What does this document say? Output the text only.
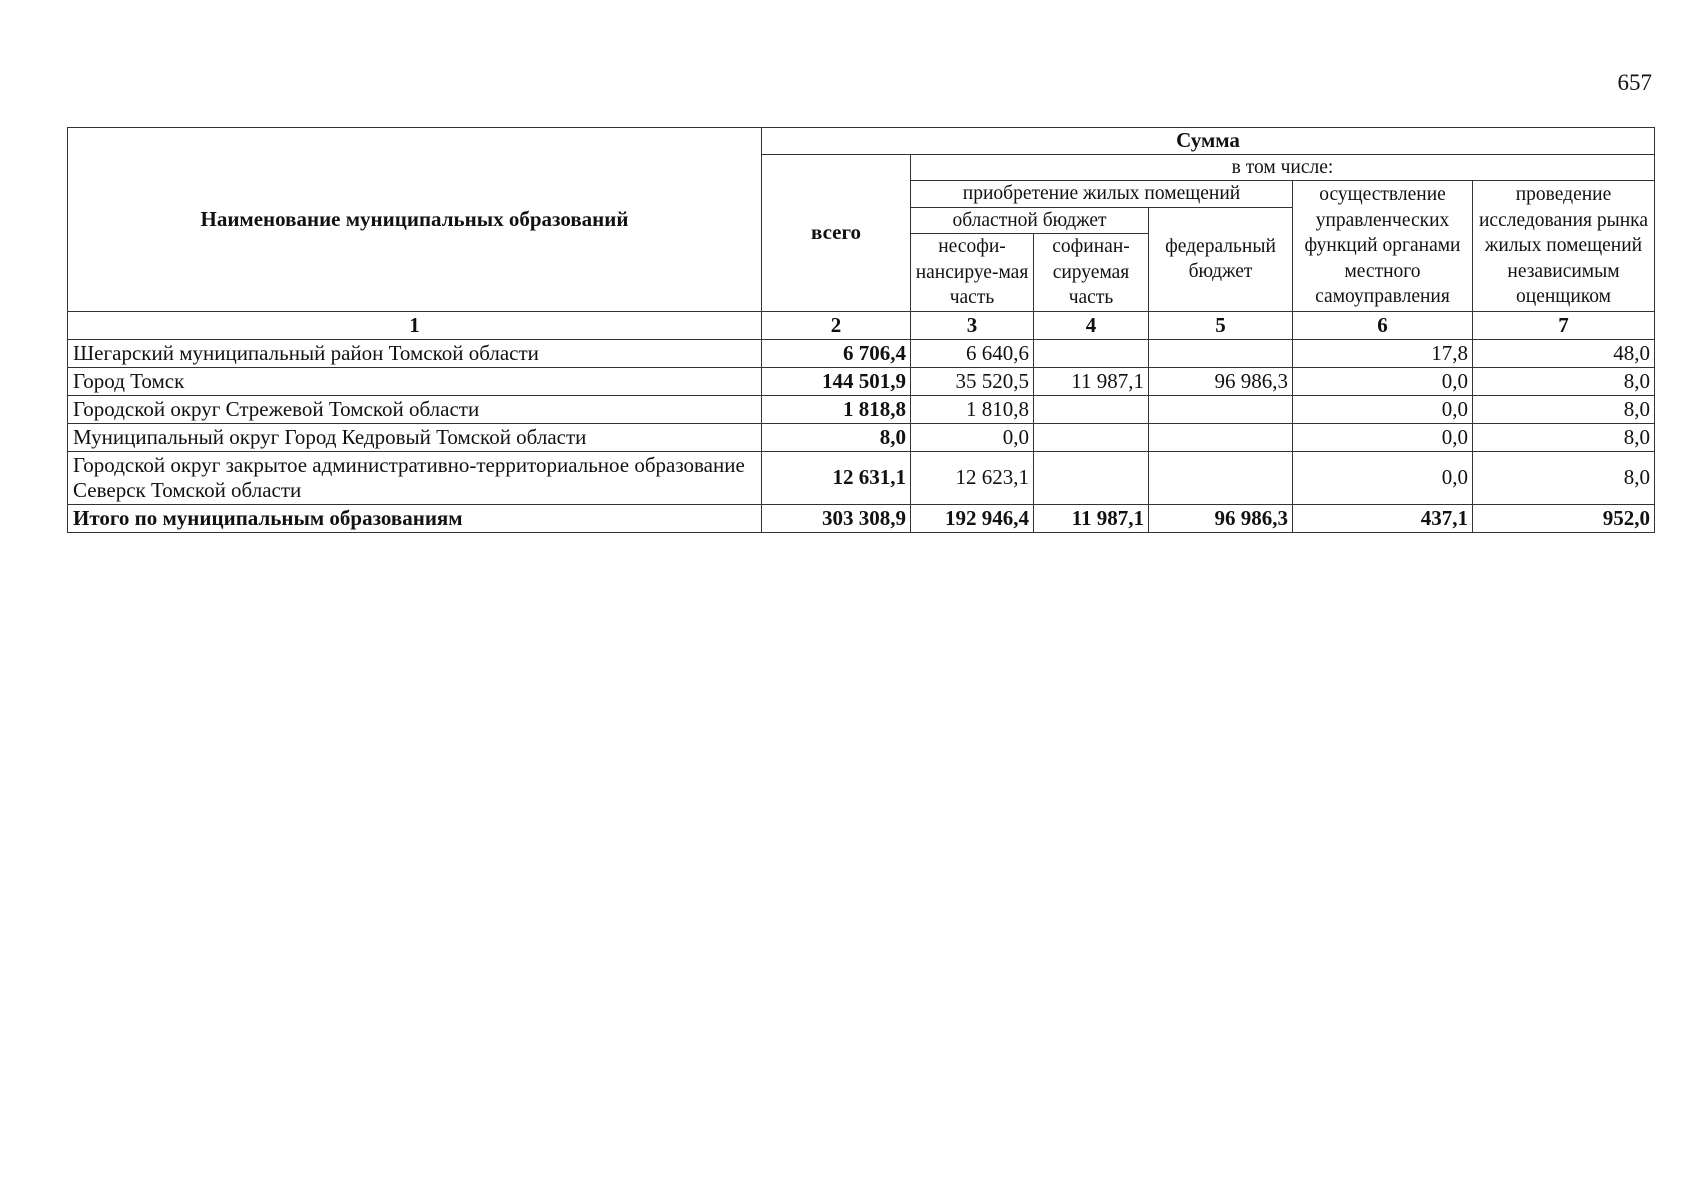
657
Наименование муниципальных образований	Сумма					
	всего	в том числе:				
		приобретение жилых помещений			осуществление управленческих функций органами местного самоуправления	проведение исследования рынка жилых помещений независимым оценщиком
		областной бюджет		федеральный бюджет		
		несофи-нансируе-мая часть	софинан-сируемая часть			
1	2	3	4	5	6	7
Шегарский муниципальный район Томской области	6 706,4	6 640,6			17,8	48,0
Город Томск	144 501,9	35 520,5	11 987,1	96 986,3	0,0	8,0
Городской округ Стрежевой Томской области	1 818,8	1 810,8			0,0	8,0
Муниципальный округ Город Кедровый Томской области	8,0	0,0			0,0	8,0
Городской округ закрытое административно-территориальное образование Северск Томской области	12 631,1	12 623,1			0,0	8,0
Итого по муниципальным образованиям	303 308,9	192 946,4	11 987,1	96 986,3	437,1	952,0
